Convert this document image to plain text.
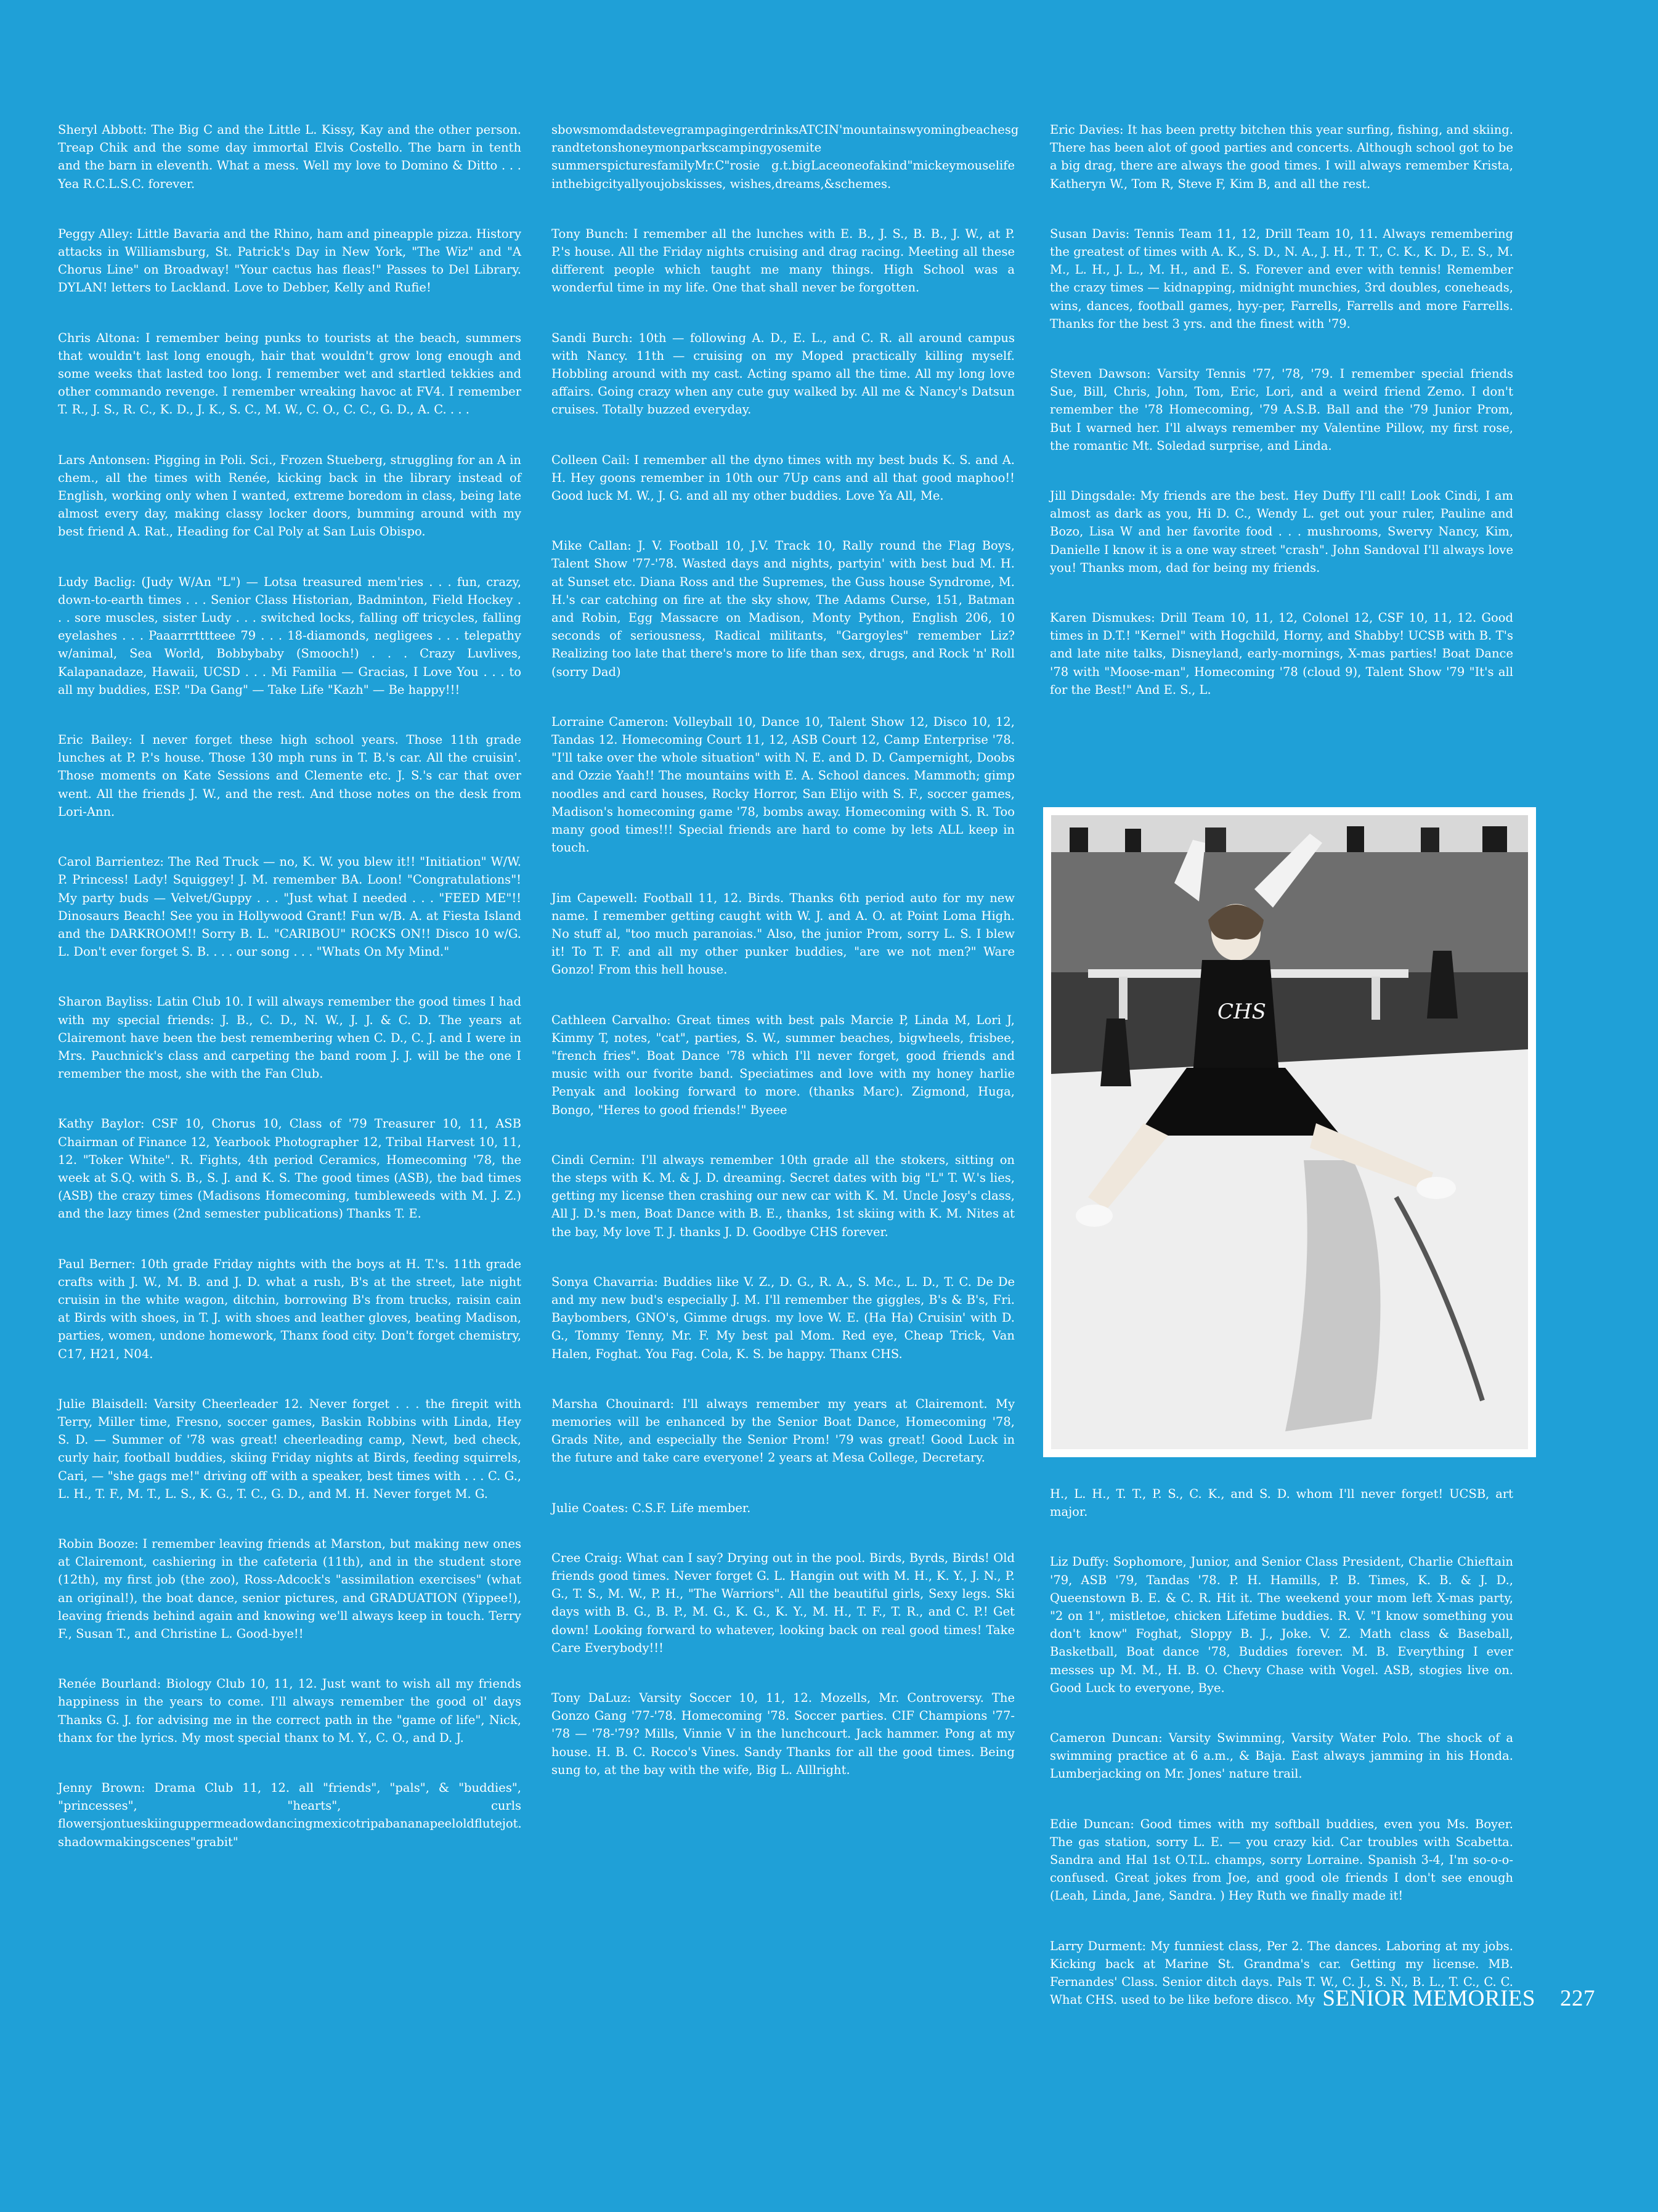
Sheryl Abbott: The Big C and the Little L. Kissy, Kay and the other person. Treap Chik and the some day immortal Elvis Costello. The barn in tenth and the barn in eleventh. What a mess. Well my love to Domino & Ditto . . . Yea R.C.L.S.C. forever.

Peggy Alley: Little Bavaria and the Rhino, ham and pineapple pizza. History attacks in Williamsburg, St. Patrick's Day in New York, "The Wiz" and "A Chorus Line" on Broadway! "Your cactus has fleas!" Passes to Del Library. DYLAN! letters to Lackland. Love to Debber, Kelly and Rufie!

Chris Altona: I remember being punks to tourists at the beach, summers that wouldn't last long enough, hair that wouldn't grow long enough and some weeks that lasted too long. I remember wet and startled tekkies and other commando revenge. I remember wreaking havoc at FV4. I remember T. R., J. S., R. C., K. D., J. K., S. C., M. W., C. O., C. C., G. D., A. C. . . .

Lars Antonsen: Pigging in Poli. Sci., Frozen Stueberg, struggling for an A in chem., all the times with Renée, kicking back in the library instead of English, working only when I wanted, extreme boredom in class, being late almost every day, making classy locker doors, bumming around with my best friend A. Rat., Heading for Cal Poly at San Luis Obispo.

Ludy Baclig: (Judy W/An "L") — Lotsa treasured mem'ries . . . fun, crazy, down-to-earth times . . . Senior Class Historian, Badminton, Field Hockey . . . sore muscles, sister Ludy . . . switched locks, falling off tricycles, falling eyelashes . . . Paaarrrtttteee 79 . . . 18-diamonds, negligees . . . telepathy w/animal, Sea World, Bobbybaby (Smooch!) . . . Crazy Luvlives, Kalapanadaze, Hawaii, UCSD . . . Mi Familia — Gracias, I Love You . . . to all my buddies, ESP. "Da Gang" — Take Life "Kazh" — Be happy!!!

Eric Bailey: I never forget these high school years. Those 11th grade lunches at P. P.'s house. Those 130 mph runs in T. B.'s car. All the cruisin'. Those moments on Kate Sessions and Clemente etc. J. S.'s car that over went. All the friends J. W., and the rest. And those notes on the desk from Lori-Ann.

Carol Barrientez: The Red Truck — no, K. W. you blew it!! "Initiation" W/W. P. Princess! Lady! Squiggey! J. M. remember BA. Loon! "Congratulations"! My party buds — Velvet/Guppy . . . "Just what I needed . . . "FEED ME"!! Dinosaurs Beach! See you in Hollywood Grant! Fun w/B. A. at Fiesta Island and the DARKROOM!! Sorry B. L. "CARIBOU" ROCKS ON!! Disco 10 w/G. L. Don't ever forget S. B. . . . our song . . . "Whats On My Mind."

Sharon Bayliss: Latin Club 10. I will always remember the good times I had with my special friends: J. B., C. D., N. W., J. J. & C. D. The years at Clairemont have been the best remembering when C. D., C. J. and I were in Mrs. Pauchnick's class and carpeting the band room J. J. will be the one I remember the most, she with the Fan Club.

Kathy Baylor: CSF 10, Chorus 10, Class of '79 Treasurer 10, 11, ASB Chairman of Finance 12, Yearbook Photographer 12, Tribal Harvest 10, 11, 12. "Toker White". R. Fights, 4th period Ceramics, Homecoming '78, the week at S.Q. with S. B., S. J. and K. S. The good times (ASB), the bad times (ASB) the crazy times (Madisons Homecoming, tumbleweeds with M. J. Z.) and the lazy times (2nd semester publications) Thanks T. E.

Paul Berner: 10th grade Friday nights with the boys at H. T.'s. 11th grade crafts with J. W., M. B. and J. D. what a rush, B's at the street, late night cruisin in the white wagon, ditchin, borrowing B's from trucks, raisin cain at Birds with shoes, in T. J. with shoes and leather gloves, beating Madison, parties, women, undone homework, Thanx food city. Don't forget chemistry, C17, H21, N04.

Julie Blaisdell: Varsity Cheerleader 12. Never forget . . . the firepit with Terry, Miller time, Fresno, soccer games, Baskin Robbins with Linda, Hey S. D. — Summer of '78 was great! cheerleading camp, Newt, bed check, curly hair, football buddies, skiing Friday nights at Birds, feeding squirrels, Cari, — "she gags me!" driving off with a speaker, best times with . . . C. G., L. H., T. F., M. T., L. S., K. G., T. C., G. D., and M. H. Never forget M. G.

Robin Booze: I remember leaving friends at Marston, but making new ones at Clairemont, cashiering in the cafeteria (11th), and in the student store (12th), my first job (the zoo), Ross-Adcock's "assimilation exercises" (what an original!), the boat dance, senior pictures, and GRADUATION (Yippee!), leaving friends behind again and knowing we'll always keep in touch. Terry F., Susan T., and Christine L. Good-bye!!

Renée Bourland: Biology Club 10, 11, 12. Just want to wish all my friends happiness in the years to come. I'll always remember the good ol' days Thanks G. J. for advising me in the correct path in the "game of life", Nick, thanx for the lyrics. My most special thanx to M. Y., C. O., and D. J.

Jenny Brown: Drama Club 11, 12. all "friends", "pals", & "buddies", "princesses", "hearts", curls flowersjontueskiinguppermeadowdancingmexicotripabananapeeloldflutejot. shadowmakingscenes"grabit"

sbowsmomdadstevegrampagingerdrinksATCIN'mountainswyomingbeachesg randtetonshoneymonparkscampingyosemite summerspicturesfamilyMr.C"rosie g.t.bigLaceoneofakind"mickeymouselife inthebigcityallyoujobskisses, wishes,dreams,&schemes.

Tony Bunch: I remember all the lunches with E. B., J. S., B. B., J. W., at P. P.'s house. All the Friday nights cruising and drag racing. Meeting all these different people which taught me many things. High School was a wonderful time in my life. One that shall never be forgotten.

Sandi Burch: 10th — following A. D., E. L., and C. R. all around campus with Nancy. 11th — cruising on my Moped practically killing myself. Hobbling around with my cast. Acting spamo all the time. All my long love affairs. Going crazy when any cute guy walked by. All me & Nancy's Datsun cruises. Totally buzzed everyday.

Colleen Cail: I remember all the dyno times with my best buds K. S. and A. H. Hey goons remember in 10th our 7Up cans and all that good maphoo!! Good luck M. W., J. G. and all my other buddies. Love Ya All, Me.

Mike Callan: J. V. Football 10, J.V. Track 10, Rally round the Flag Boys, Talent Show '77-'78. Wasted days and nights, partyin' with best bud M. H. at Sunset etc. Diana Ross and the Supremes, the Guss house Syndrome, M. H.'s car catching on fire at the sky show, The Adams Curse, 151, Batman and Robin, Egg Massacre on Madison, Monty Python, English 206, 10 seconds of seriousness, Radical militants, "Gargoyles" remember Liz? Realizing too late that there's more to life than sex, drugs, and Rock 'n' Roll (sorry Dad)

Lorraine Cameron: Volleyball 10, Dance 10, Talent Show 12, Disco 10, 12, Tandas 12. Homecoming Court 11, 12, ASB Court 12, Camp Enterprise '78. "I'll take over the whole situation" with N. E. and D. D. Campernight, Doobs and Ozzie Yaah!! The mountains with E. A. School dances. Mammoth; gimp noodles and card houses, Rocky Horror, San Elijo with S. F., soccer games, Madison's homecoming game '78, bombs away. Homecoming with S. R. Too many good times!!! Special friends are hard to come by lets ALL keep in touch.

Jim Capewell: Football 11, 12. Birds. Thanks 6th period auto for my new name. I remember getting caught with W. J. and A. O. at Point Loma High. No stuff al, "too much paranoias." Also, the junior Prom, sorry L. S. I blew it! To T. F. and all my other punker buddies, "are we not men?" Ware Gonzo! From this hell house.

Cathleen Carvalho: Great times with best pals Marcie P, Linda M, Lori J, Kimmy T, notes, "cat", parties, S. W., summer beaches, bigwheels, frisbee, "french fries". Boat Dance '78 which I'll never forget, good friends and music with our fvorite band. Speciatimes and love with my honey harlie Penyak and looking forward to more. (thanks Marc). Zigmond, Huga, Bongo, "Heres to good friends!" Byeee

Cindi Cernin: I'll always remember 10th grade all the stokers, sitting on the steps with K. M. & J. D. dreaming. Secret dates with big "L" T. W.'s lies, getting my license then crashing our new car with K. M. Uncle Josy's class, All J. D.'s men, Boat Dance with B. E., thanks, 1st skiing with K. M. Nites at the bay, My love T. J. thanks J. D. Goodbye CHS forever.

Sonya Chavarria: Buddies like V. Z., D. G., R. A., S. Mc., L. D., T. C. De De and my new bud's especially J. M. I'll remember the giggles, B's & B's, Fri. Baybombers, GNO's, Gimme drugs. my love W. E. (Ha Ha) Cruisin' with D. G., Tommy Tenny, Mr. F. My best pal Mom. Red eye, Cheap Trick, Van Halen, Foghat. You Fag. Cola, K. S. be happy. Thanx CHS.

Marsha Chouinard: I'll always remember my years at Clairemont. My memories will be enhanced by the Senior Boat Dance, Homecoming '78, Grads Nite, and especially the Senior Prom! '79 was great! Good Luck in the future and take care everyone! 2 years at Mesa College, Decretary.

Julie Coates: C.S.F. Life member.

Cree Craig: What can I say? Drying out in the pool. Birds, Byrds, Birds! Old friends good times. Never forget G. L. Hangin out with M. H., K. Y., J. N., P. G., T. S., M. W., P. H., "The Warriors". All the beautiful girls, Sexy legs. Ski days with B. G., B. P., M. G., K. G., K. Y., M. H., T. F., T. R., and C. P.! Get down! Looking forward to whatever, looking back on real good times! Take Care Everybody!!!

Tony DaLuz: Varsity Soccer 10, 11, 12. Mozells, Mr. Controversy. The Gonzo Gang '77-'78. Homecoming '78. Soccer parties. CIF Champions '77-'78 — '78-'79? Mills, Vinnie V in the lunchcourt. Jack hammer. Pong at my house. H. B. C. Rocco's Vines. Sandy Thanks for all the good times. Being sung to, at the bay with the wife, Big L. Alllright.

Eric Davies: It has been pretty bitchen this year surfing, fishing, and skiing. There has been alot of good parties and concerts. Although school got to be a big drag, there are always the good times. I will always remember Krista, Katheryn W., Tom R, Steve F, Kim B, and all the rest.

Susan Davis: Tennis Team 11, 12, Drill Team 10, 11. Always remembering the greatest of times with A. K., S. D., N. A., J. H., T. T., C. K., K. D., E. S., M. M., L. H., J. L., M. H., and E. S. Forever and ever with tennis! Remember the crazy times — kidnapping, midnight munchies, 3rd doubles, coneheads, wins, dances, football games, hyy-per, Farrells, Farrells and more Farrells. Thanks for the best 3 yrs. and the finest with '79.

Steven Dawson: Varsity Tennis '77, '78, '79. I remember special friends Sue, Bill, Chris, John, Tom, Eric, Lori, and a weird friend Zemo. I don't remember the '78 Homecoming, '79 A.S.B. Ball and the '79 Junior Prom, But I warned her. I'll always remember my Valentine Pillow, my first rose, the romantic Mt. Soledad surprise, and Linda.

Jill Dingsdale: My friends are the best. Hey Duffy I'll call! Look Cindi, I am almost as dark as you, Hi D. C., Wendy L. get out your ruler, Pauline and Bozo, Lisa W and her favorite food . . . mushrooms, Swervy Nancy, Kim, Danielle I know it is a one way street "crash". John Sandoval I'll always love you! Thanks mom, dad for being my friends.

Karen Dismukes: Drill Team 10, 11, 12, Colonel 12, CSF 10, 11, 12. Good times in D.T.! "Kernel" with Hogchild, Horny, and Shabby! UCSB with B. T's and late nite talks, Disneyland, early-mornings, X-mas parties! Boat Dance '78 with "Moose-man", Homecoming '78 (cloud 9), Talent Show '79 "It's all for the Best!" And E. S., L.

CHS

H., L. H., T. T., P. S., C. K., and S. D. whom I'll never forget! UCSB, art major.

Liz Duffy: Sophomore, Junior, and Senior Class President, Charlie Chieftain '79, ASB '79, Tandas '78. P. H. Hamills, P. B. Times, K. B. & J. D., Queenstown B. E. & C. R. Hit it. The weekend your mom left X-mas party, "2 on 1", mistletoe, chicken Lifetime buddies. R. V. "I know something you don't know" Foghat, Sloppy B. J., Joke. V. Z. Math class & Baseball, Basketball, Boat dance '78, Buddies forever. M. B. Everything I ever messes up M. M., H. B. O. Chevy Chase with Vogel. ASB, stogies live on. Good Luck to everyone, Bye.

Cameron Duncan: Varsity Swimming, Varsity Water Polo. The shock of a swimming practice at 6 a.m., & Baja. East always jamming in his Honda. Lumberjacking on Mr. Jones' nature trail.

Edie Duncan: Good times with my softball buddies, even you Ms. Boyer. The gas station, sorry L. E. — you crazy kid. Car troubles with Scabetta. Sandra and Hal 1st O.T.L. champs, sorry Lorraine. Spanish 3-4, I'm so-o-o- confused. Great jokes from Joe, and good ole friends I don't see enough (Leah, Linda, Jane, Sandra. ) Hey Ruth we finally made it!

Larry Durment: My funniest class, Per 2. The dances. Laboring at my jobs. Kicking back at Marine St. Grandma's car. Getting my license. MB. Fernandes' Class. Senior ditch days. Pals T. W., C. J., S. N., B. L., T. C., C. C. What CHS. used to be like before disco. My SENIOR MEMORIES 227
